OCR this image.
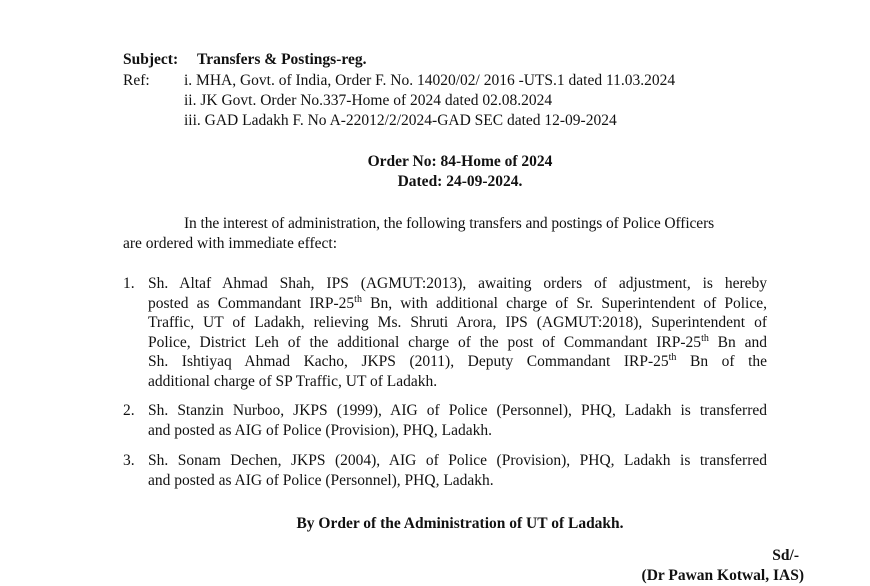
Subject: Transfers & Postings-reg.
Ref: i. MHA, Govt. of India, Order F. No. 14020/02/ 2016 -UTS.1 dated 11.03.2024
ii. JK Govt. Order No.337-Home of 2024 dated 02.08.2024
iii. GAD Ladakh F. No A-22012/2/2024-GAD SEC dated 12-09-2024
Order No: 84-Home of 2024
Dated: 24-09-2024.
In the interest of administration, the following transfers and postings of Police Officers
are ordered with immediate effect:
1. Sh. Altaf Ahmad Shah, IPS (AGMUT:2013), awaiting orders of adjustment, is hereby
posted as Commandant IRP-25th Bn, with additional charge of Sr. Superintendent of Police,
Traffic, UT of Ladakh, relieving Ms. Shruti Arora, IPS (AGMUT:2018), Superintendent of
Police, District Leh of the additional charge of the post of Commandant IRP-25th Bn and
Sh. Ishtiyaq Ahmad Kacho, JKPS (2011), Deputy Commandant IRP-25th Bn of the
additional charge of SP Traffic, UT of Ladakh.
2. Sh. Stanzin Nurboo, JKPS (1999), AIG of Police (Personnel), PHQ, Ladakh is transferred
and posted as AIG of Police (Provision), PHQ, Ladakh.
3. Sh. Sonam Dechen, JKPS (2004), AIG of Police (Provision), PHQ, Ladakh is transferred
and posted as AIG of Police (Personnel), PHQ, Ladakh.
By Order of the Administration of UT of Ladakh.
Sd/-
(Dr Pawan Kotwal, IAS)
